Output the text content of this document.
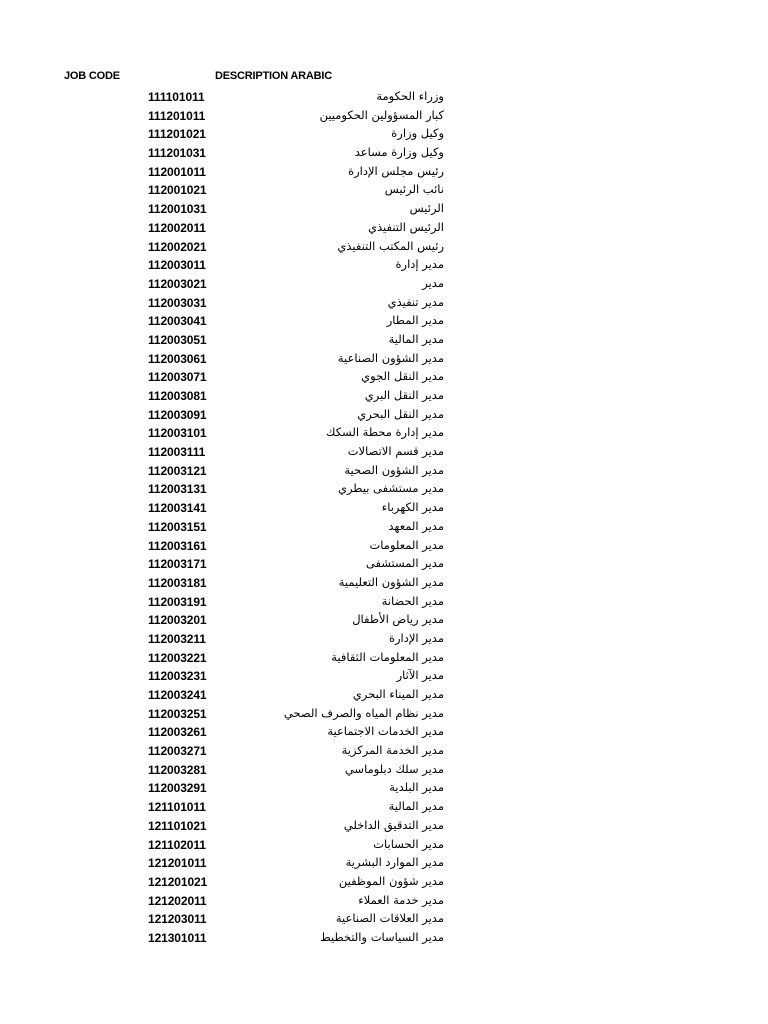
JOB CODE	DESCRIPTION ARABIC
111101011	وزراء الحكومة
111201011	كبار المسؤولين الحكوميين
111201021	وكيل وزارة
111201031	وكيل وزارة مساعد
112001011	رئيس مجلس الإدارة
112001021	نائب الرئيس
112001031	الرئيس
112002011	الرئيس التنفيذي
112002021	رئيس المكتب التنفيذي
112003011	مدير إدارة
112003021	مدير
112003031	مدير تنفيذي
112003041	مدير المطار
112003051	مدير المالية
112003061	مدير الشؤون الصناعية
112003071	مدير النقل الجوي
112003081	مدير النقل البري
112003091	مدير النقل البحري
112003101	مدير إدارة محطة السكك
112003111	مدير قسم الاتصالات
112003121	مدير الشؤون الصحية
112003131	مدير مستشفى بيطري
112003141	مدير الكهرباء
112003151	مدير المعهد
112003161	مدير المعلومات
112003171	مدير المستشفى
112003181	مدير الشؤون التعليمية
112003191	مدير الحضانة
112003201	مدير رياض الأطفال
112003211	مدير الإدارة
112003221	مدير المعلومات الثقافية
112003231	مدير الآثار
112003241	مدير الميناء البحري
112003251	مدير نظام المياه والصرف الصحي
112003261	مدير الخدمات الاجتماعية
112003271	مدير الخدمة المركزية
112003281	مدير سلك دبلوماسي
112003291	مدير البلدية
121101011	مدير المالية
121101021	مدير التدقيق الداخلي
121102011	مدير الحسابات
121201011	مدير الموارد البشرية
121201021	مدير شؤون الموظفين
121202011	مدير خدمة العملاء
121203011	مدير العلاقات الصناعية
121301011	مدير السياسات والتخطيط
